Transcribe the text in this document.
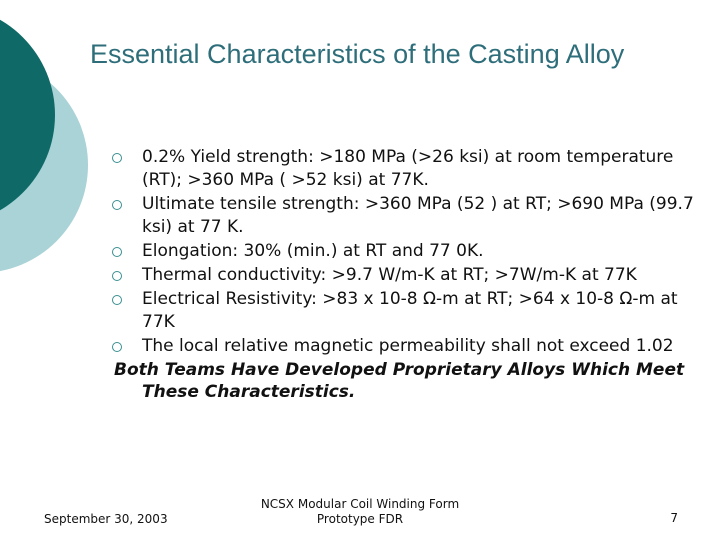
Essential Characteristics of the Casting Alloy
0.2% Yield strength: >180 MPa (>26 ksi) at room temperature (RT); >360 MPa ( >52 ksi) at 77K.
Ultimate tensile strength: >360 MPa (52 ) at RT; >690 MPa (99.7 ksi) at 77 K.
Elongation: 30% (min.) at RT and 77 0K.
Thermal conductivity: >9.7 W/m-K at RT; >7W/m-K at 77K
Electrical Resistivity: >83 x 10-8 Ω-m at RT; >64 x 10-8 Ω-m at 77K
The local relative magnetic permeability shall not exceed 1.02
Both Teams Have Developed Proprietary Alloys Which Meet These Characteristics.
September 30, 2003
NCSX Modular Coil Winding Form
Prototype FDR	7
